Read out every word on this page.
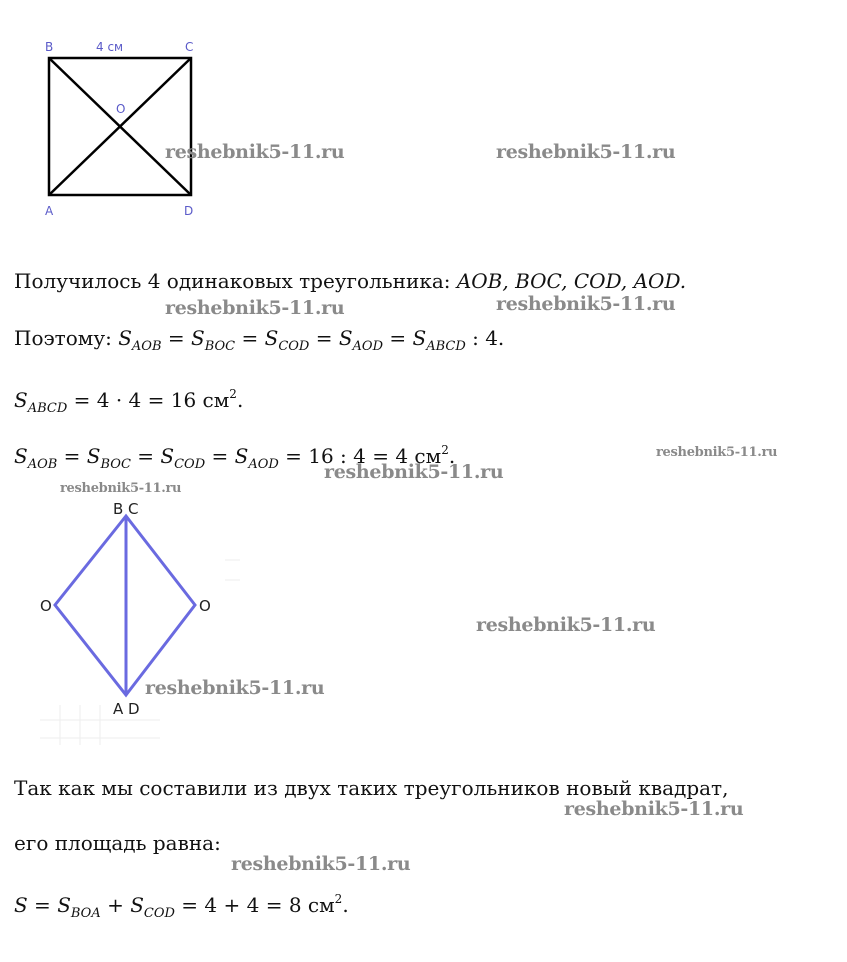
B	4 см	C
O
A	D
B C
O	O
A D
Получилось 4 одинаковых треугольника: AOB, BOC, COD, AOD.
Поэтому: $S_{AOB} = S_{BOC} = S_{COD} = S_{AOD} = S_{ABCD}$ : 4.
$S_{ABCD} = 4 \cdot 4 = 16$ $см^2$.
$S_{AOB} = S_{BOC} = S_{COD} = S_{AOD} = 16$ : 4 = 4 $см^2$.
Так как мы составили из двух таких треугольников новый квадрат,
его площадь равна:
$S = S_{BOA} + S_{COD} = 4 + 4 = 8$ $см^2$.
reshebnik5-11.ru	reshebnik5-11.ru
reshebnik5-11.ru	reshebnik5-11.ru
reshebnik5-11.ru
reshebnik5-11.ru
reshebnik5-11.ru
reshebnik5-11.ru
reshebnik5-11.ru
reshebnik5-11.ru
reshebnik5-11.ru
